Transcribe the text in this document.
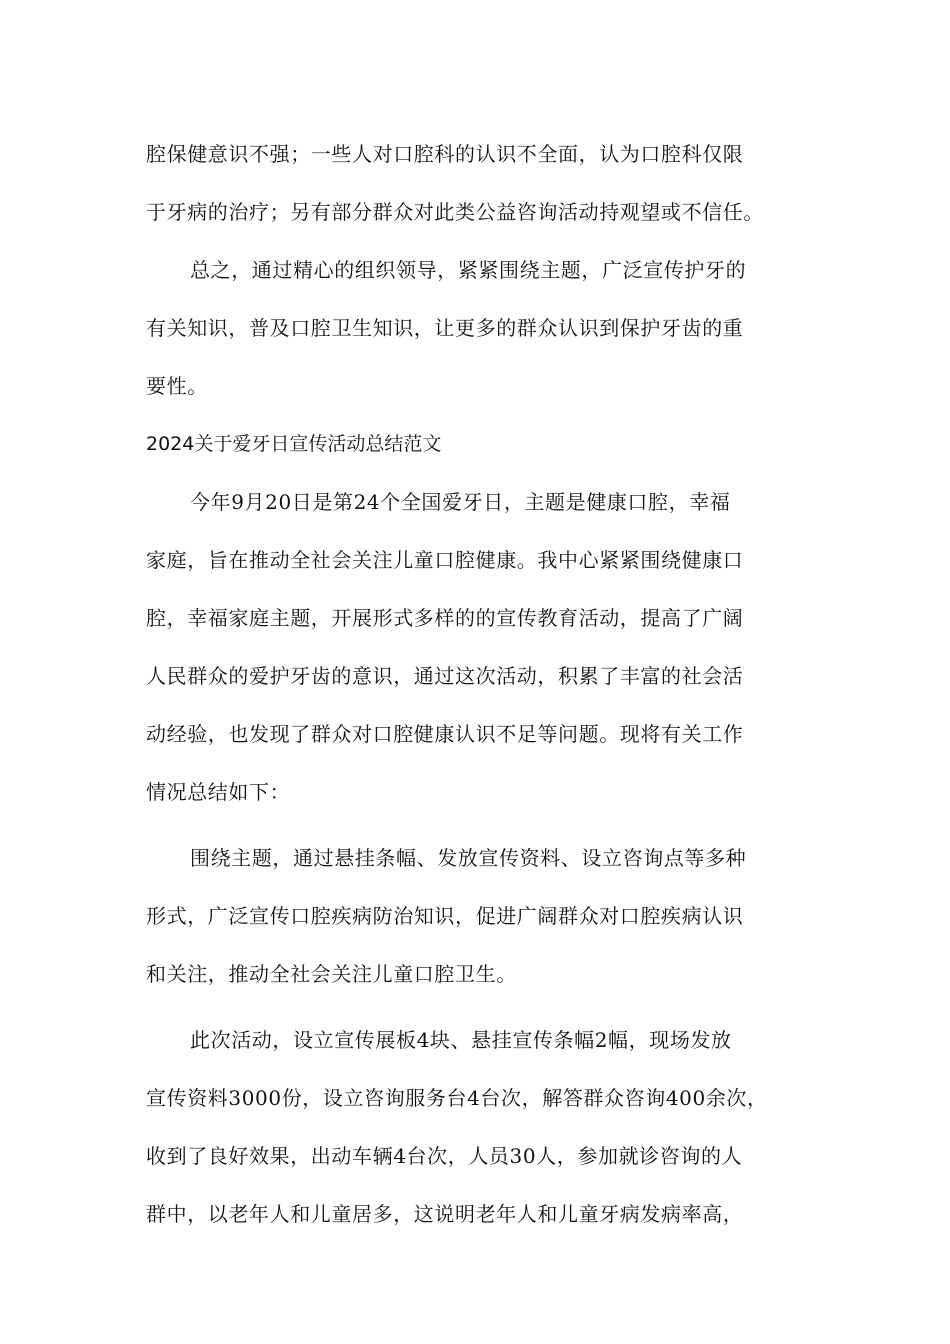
腔保健意识不强；一些人对口腔科的认识不全面，认为口腔科仅限
于牙病的治疗；另有部分群众对此类公益咨询活动持观望或不信任。
总之，通过精心的组织领导，紧紧围绕主题，广泛宣传护牙的
有关知识，普及口腔卫生知识，让更多的群众认识到保护牙齿的重
要性。
2024关于爱牙日宣传活动总结范文
今年9月20日是第24个全国爱牙日，主题是健康口腔，幸福
家庭，旨在推动全社会关注儿童口腔健康。我中心紧紧围绕健康口
腔，幸福家庭主题，开展形式多样的的宣传教育活动，提高了广阔
人民群众的爱护牙齿的意识，通过这次活动，积累了丰富的社会活
动经验，也发现了群众对口腔健康认识不足等问题。现将有关工作
情况总结如下：
围绕主题，通过悬挂条幅、发放宣传资料、设立咨询点等多种
形式，广泛宣传口腔疾病防治知识，促进广阔群众对口腔疾病认识
和关注，推动全社会关注儿童口腔卫生。
此次活动，设立宣传展板4块、悬挂宣传条幅2幅，现场发放
宣传资料3000份，设立咨询服务台4台次，解答群众咨询400余次，
收到了良好效果，出动车辆4台次，人员30人，参加就诊咨询的人
群中，以老年人和儿童居多，这说明老年人和儿童牙病发病率高，
